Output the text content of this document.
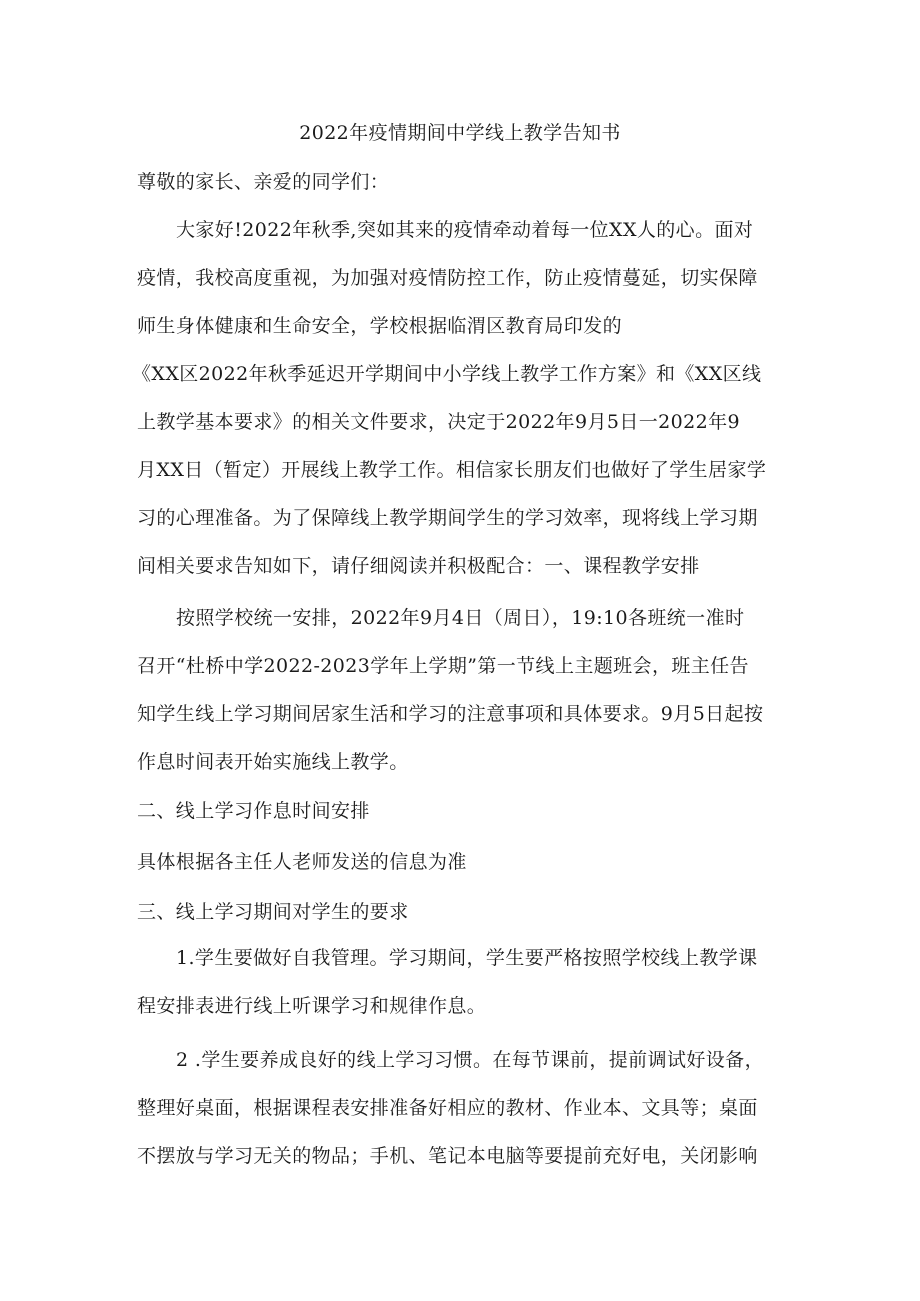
2022年疫情期间中学线上教学告知书
尊敬的家长、亲爱的同学们：
大家好!2022年秋季,突如其来的疫情牵动着每一位XX人的心。面对
疫情，我校高度重视，为加强对疫情防控工作，防止疫情蔓延，切实保障
师生身体健康和生命安全，学校根据临渭区教育局印发的
《XX区2022年秋季延迟开学期间中小学线上教学工作方案》和《XX区线
上教学基本要求》的相关文件要求，决定于2022年9月5日一2022年9
月XX日（暂定）开展线上教学工作。相信家长朋友们也做好了学生居家学
习的心理准备。为了保障线上教学期间学生的学习效率，现将线上学习期
间相关要求告知如下，请仔细阅读并积极配合：一、课程教学安排
按照学校统一安排，2022年9月4日（周日），19:10各班统一准时
召开“杜桥中学2022-2023学年上学期”第一节线上主题班会，班主任告
知学生线上学习期间居家生活和学习的注意事项和具体要求。9月5日起按
作息时间表开始实施线上教学。
二、线上学习作息时间安排
具体根据各主任人老师发送的信息为准
三、线上学习期间对学生的要求
1.学生要做好自我管理。学习期间，学生要严格按照学校线上教学课
程安排表进行线上听课学习和规律作息。
2 .学生要养成良好的线上学习习惯。在每节课前，提前调试好设备，
整理好桌面，根据课程表安排准备好相应的教材、作业本、文具等；桌面
不摆放与学习无关的物品；手机、笔记本电脑等要提前充好电，关闭影响
